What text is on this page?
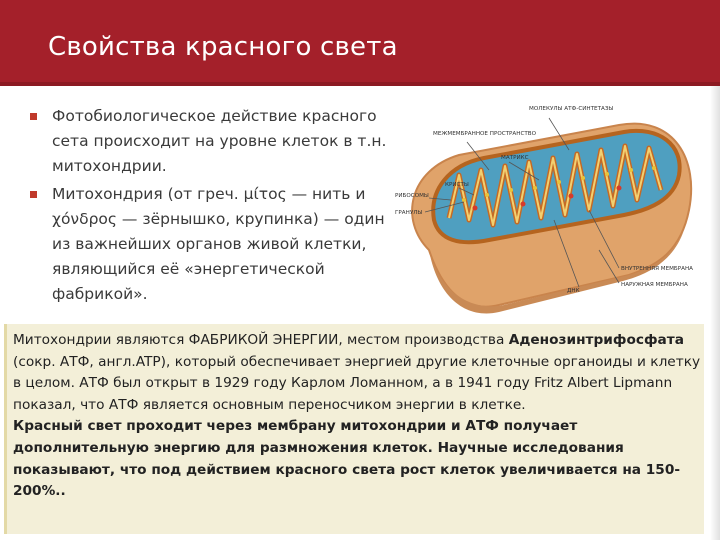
Свойства красного света
Фотобиологическое действие красного сета происходит на уровне клеток в т.н. митохондрии.
Митохондрия (от греч. μίτος — нить и χόνδρος — зёрнышко, крупинка) — один из важнейших органов живой клетки, являющийся её «энергетической фабрикой».
МОЛЕКУЛЫ АТФ-СИНТЕТАЗЫ
МЕЖМЕМБРАННОЕ ПРОСТРАНСТВО
МАТРИКС
КРИСТЫ
РИБОСОМЫ
ГРАНУЛЫ
ВНУТРЕННЯЯ МЕМБРАНА
ДНК
НАРУЖНАЯ МЕМБРАНА

Митохондрии являются ФАБРИКОЙ ЭНЕРГИИ, местом производства Аденозинтрифосфата (сокр. АТФ, англ.ATP), который обеспечивает энергией другие клеточные органоиды и клетку в целом. АТФ был открыт в 1929 году Карлом Ломанном, а в 1941 году Fritz Albert Lipmann показал, что АТФ является основным переносчиком энергии в клетке.

Красный свет проходит через мембрану митохондрии и АТФ получает дополнительную энергию для размножения клеток. Научные исследования показывают, что под действием красного света рост клеток увеличивается на 150-200%..
